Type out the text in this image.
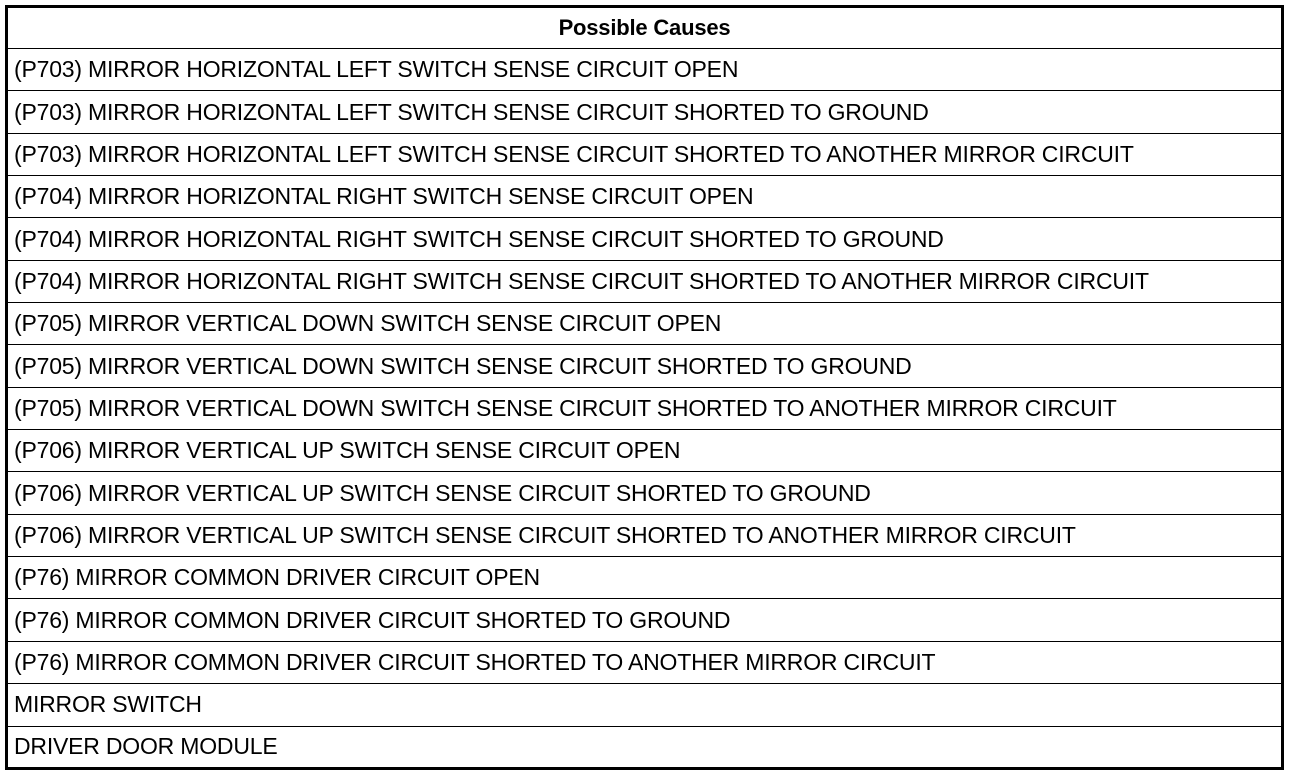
Possible Causes
(P703) MIRROR HORIZONTAL LEFT SWITCH SENSE CIRCUIT OPEN
(P703) MIRROR HORIZONTAL LEFT SWITCH SENSE CIRCUIT SHORTED TO GROUND
(P703) MIRROR HORIZONTAL LEFT SWITCH SENSE CIRCUIT SHORTED TO ANOTHER MIRROR CIRCUIT
(P704) MIRROR HORIZONTAL RIGHT SWITCH SENSE CIRCUIT OPEN
(P704) MIRROR HORIZONTAL RIGHT SWITCH SENSE CIRCUIT SHORTED TO GROUND
(P704) MIRROR HORIZONTAL RIGHT SWITCH SENSE CIRCUIT SHORTED TO ANOTHER MIRROR CIRCUIT
(P705) MIRROR VERTICAL DOWN SWITCH SENSE CIRCUIT OPEN
(P705) MIRROR VERTICAL DOWN SWITCH SENSE CIRCUIT SHORTED TO GROUND
(P705) MIRROR VERTICAL DOWN SWITCH SENSE CIRCUIT SHORTED TO ANOTHER MIRROR CIRCUIT
(P706) MIRROR VERTICAL UP SWITCH SENSE CIRCUIT OPEN
(P706) MIRROR VERTICAL UP SWITCH SENSE CIRCUIT SHORTED TO GROUND
(P706) MIRROR VERTICAL UP SWITCH SENSE CIRCUIT SHORTED TO ANOTHER MIRROR CIRCUIT
(P76) MIRROR COMMON DRIVER CIRCUIT OPEN
(P76) MIRROR COMMON DRIVER CIRCUIT SHORTED TO GROUND
(P76) MIRROR COMMON DRIVER CIRCUIT SHORTED TO ANOTHER MIRROR CIRCUIT
MIRROR SWITCH
DRIVER DOOR MODULE
